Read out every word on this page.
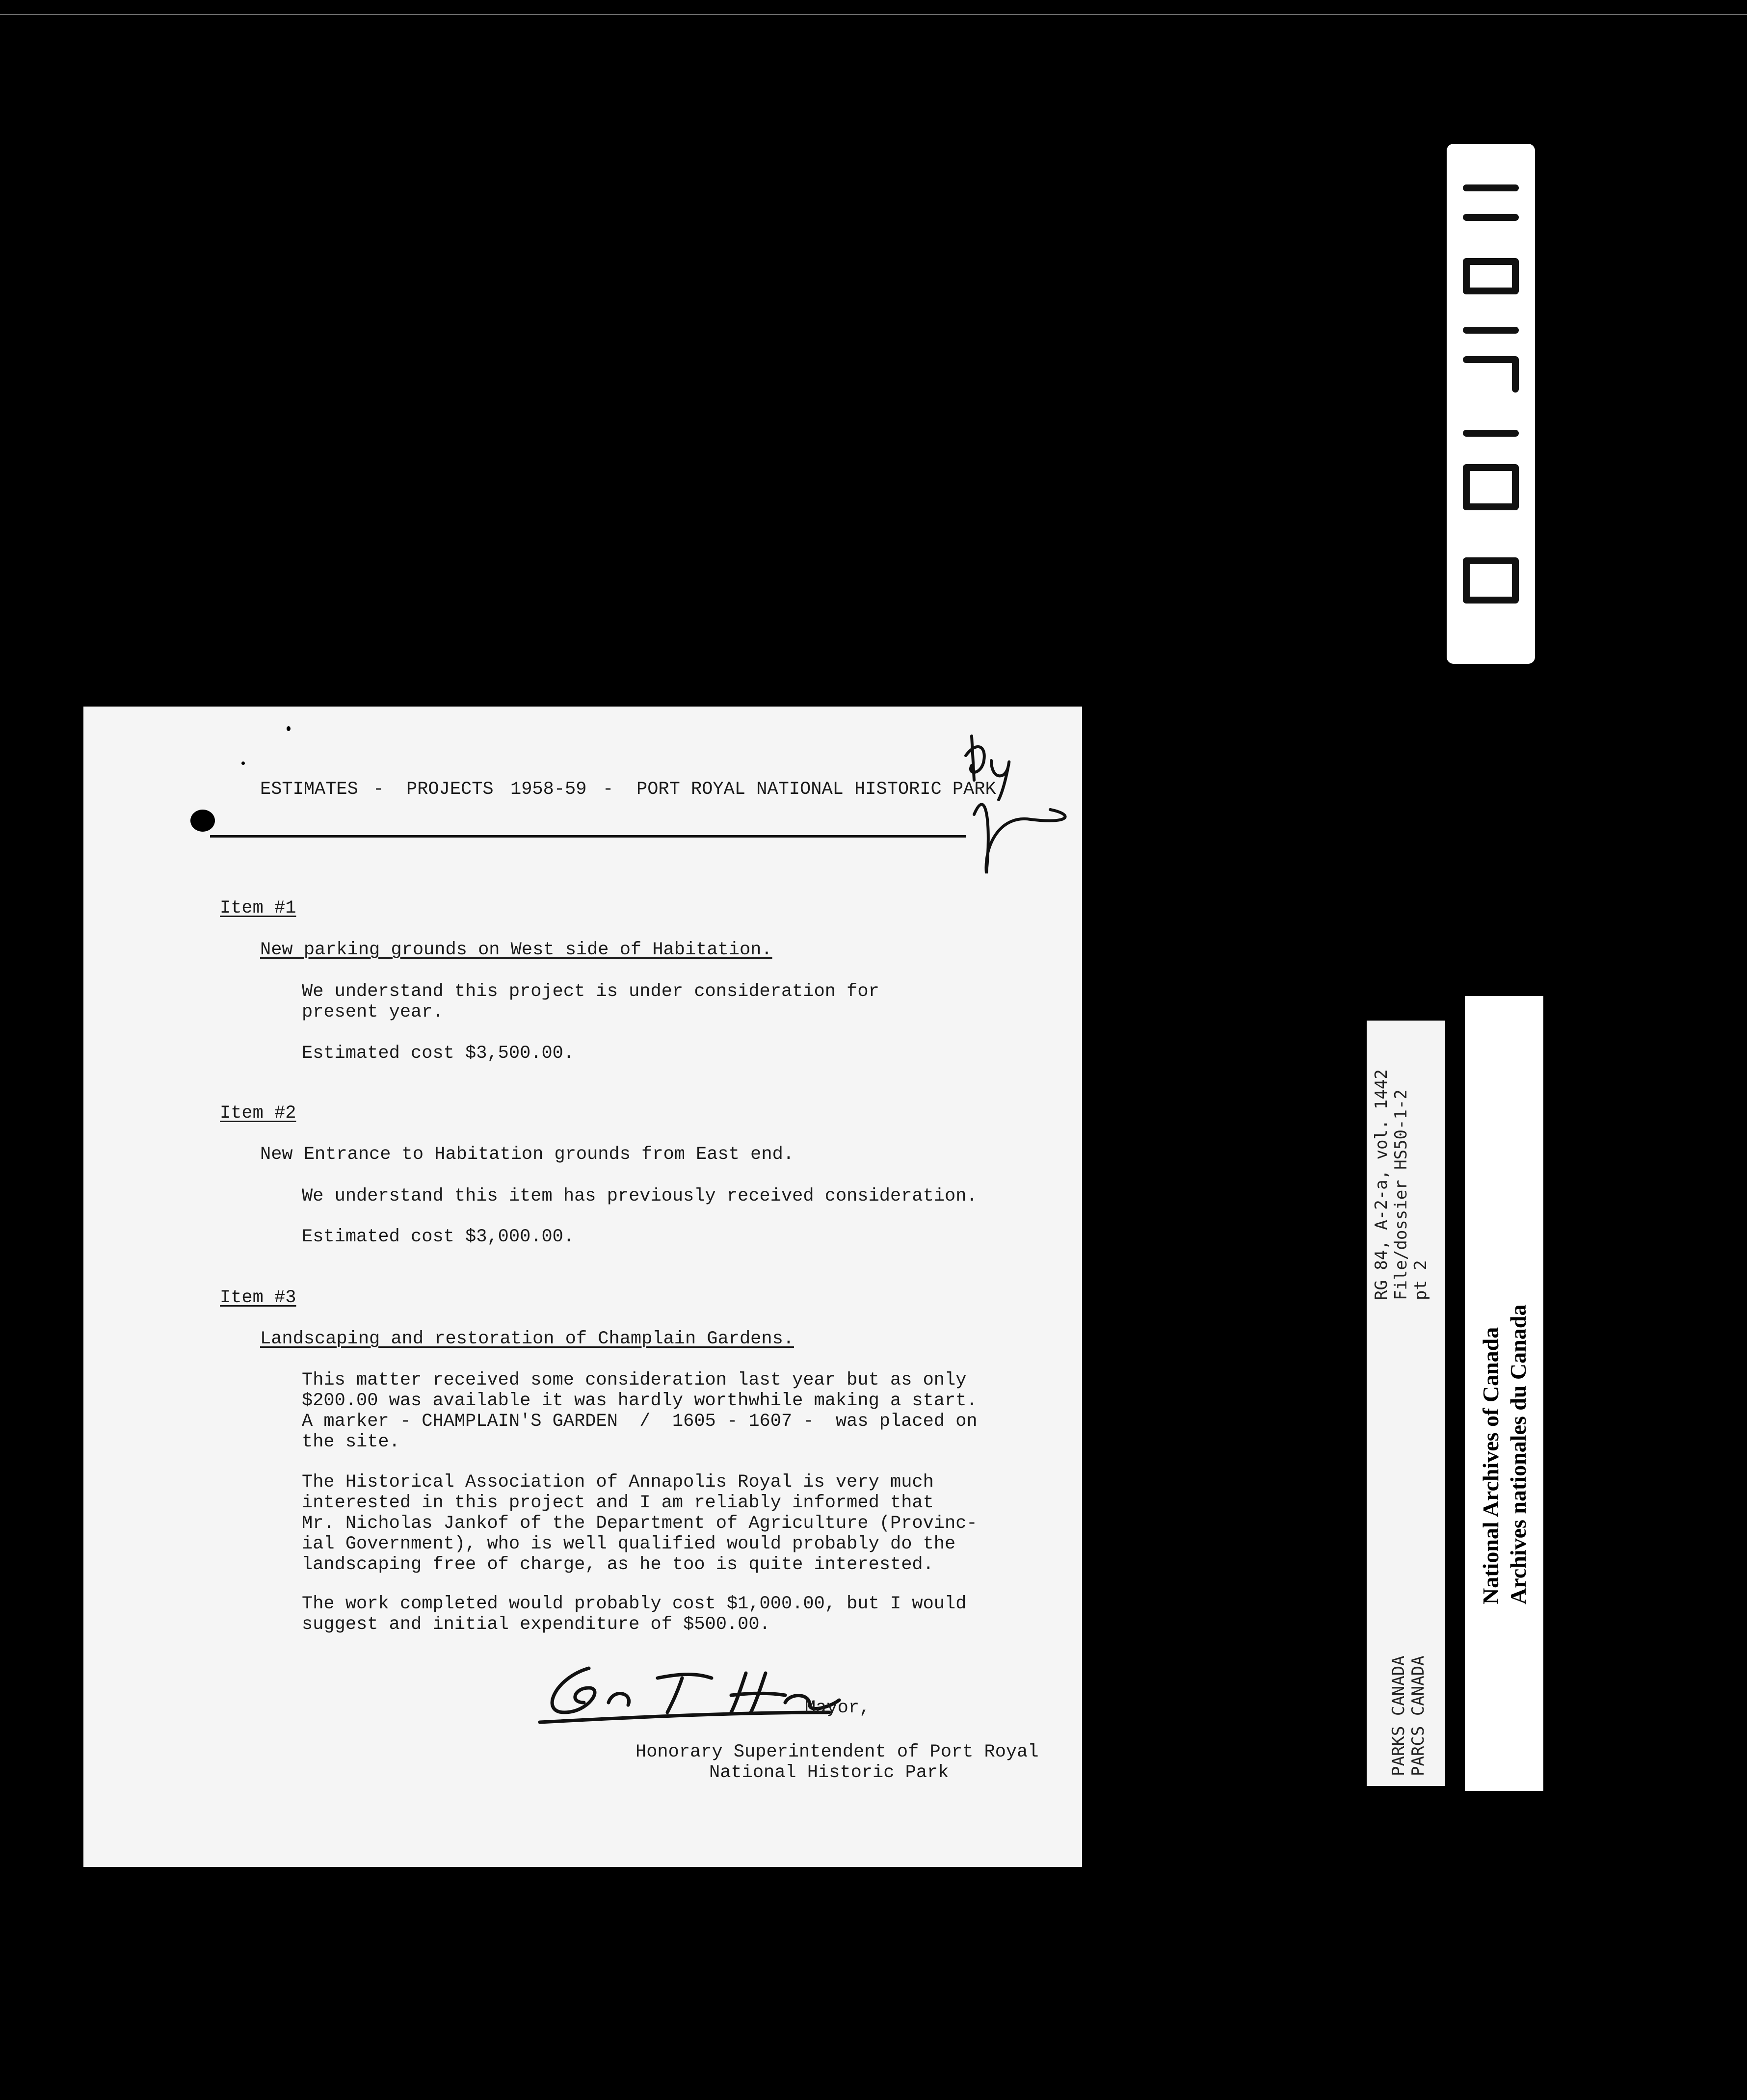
PARKS CANADA
PARCS CANADA
RG 84, A-2-a, vol. 1442
File/dossier HS50-1-2
pt 2
National Archives of Canada
Archives nationales du Canada
ESTIMATES - PROJECTS 1958-59 - PORT ROYAL NATIONAL HISTORIC PARK
Item #1
New parking grounds on West side of Habitation.
We understand this project is under consideration for
present year.
Estimated cost $3,500.00.
Item #2
New Entrance to Habitation grounds from East end.
We understand this item has previously received consideration.
Estimated cost $3,000.00.
Item #3
Landscaping and restoration of Champlain Gardens.
This matter received some consideration last year but as only
$200.00 was available it was hardly worthwhile making a start.
A marker - CHAMPLAIN'S GARDEN  /  1605 - 1607 -  was placed on
the site.
The Historical Association of Annapolis Royal is very much
interested in this project and I am reliably informed that
Mr. Nicholas Jankof of the Department of Agriculture (Provinc-
ial Government), who is well qualified would probably do the
landscaping free of charge, as he too is quite interested.
The work completed would probably cost $1,000.00, but I would
suggest and initial expenditure of $500.00.
Mayor,
Honorary Superintendent of Port Royal
National Historic Park
